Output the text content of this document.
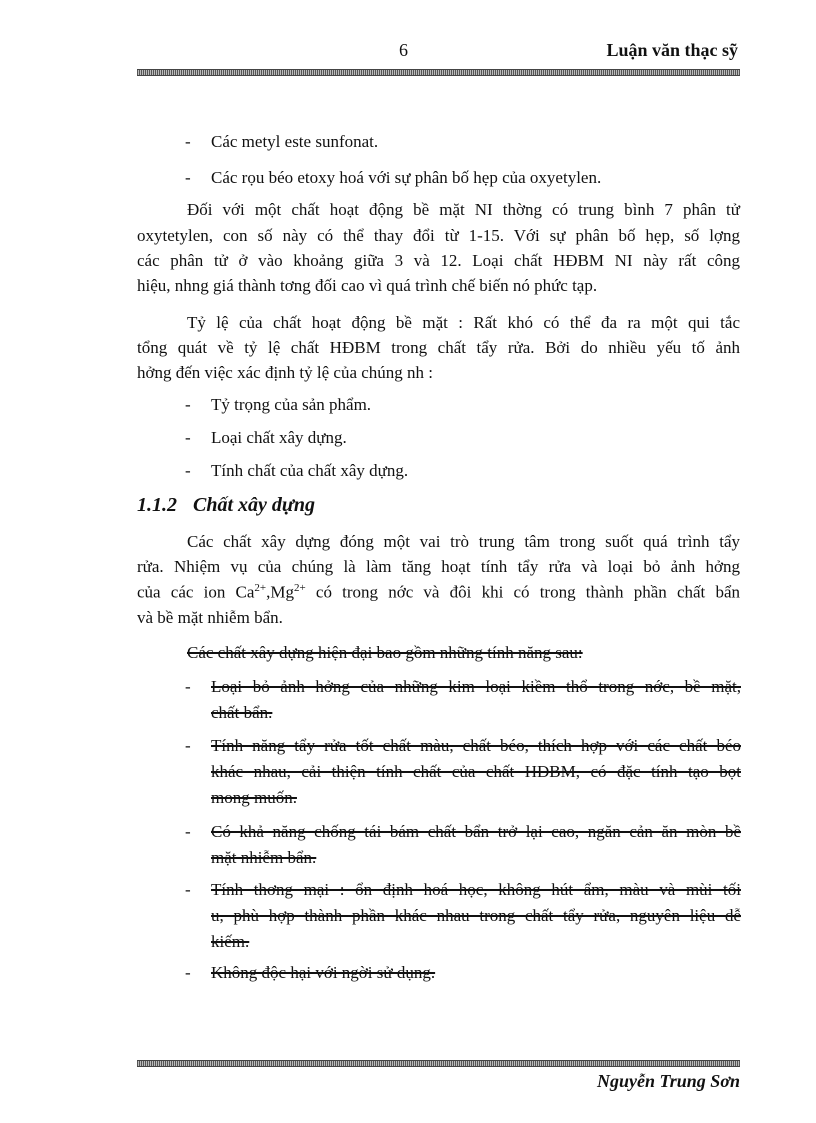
6	Luận văn thạc sỹ
- Các metyl este sunfonat.
- Các rọu béo etoxy hoá với sự phân bố hẹp của oxyetylen.
Đối với một chất hoạt động bề mặt NI thờng có trung bình 7 phân tử
oxytetylen, con số này có thể thay đổi từ 1-15. Với sự phân bố hẹp, số lợng
các phân tử ở vào khoảng giữa 3 và 12. Loại chất HĐBM NI này rất công
hiệu, nhng giá thành tơng đối cao vì quá trình chế biến nó phức tạp.
Tỷ lệ của chất hoạt động bề mặt : Rất khó có thể đa ra một qui tắc
tổng quát về tỷ lệ chất HĐBM trong chất tẩy rửa. Bởi do nhiều yếu tố ảnh
hởng đến việc xác định tỷ lệ của chúng nh :
- Tỷ trọng của sản phẩm.
- Loại chất xây dựng.
- Tính chất của chất xây dựng.
1.1.2 Chất xây dựng
Các chất xây dựng đóng một vai trò trung tâm trong suốt quá trình tẩy
rửa. Nhiệm vụ của chúng là làm tăng hoạt tính tẩy rửa và loại bỏ ảnh hởng
của các ion $Ca^{2+},Mg^{2+}$ có trong nớc và đôi khi có trong thành phần chất bẩn
và bề mặt nhiễm bẩn.
Các chất xây dựng hiện đại bao gồm những tính năng sau:
- Loại bỏ ảnh hởng của những kim loại kiềm thổ trong nớc, bề mặt,
chất bẩn.
- Tính năng tẩy rửa tốt chất màu, chất béo, thích hợp với các chất béo
khác nhau, cải thiện tính chất của chất HĐBM, có đặc tính tạo bọt
mong muốn.
- Có khả năng chống tái bám chất bẩn trở lại cao, ngăn cản ăn mòn bề
mặt nhiễm bẩn.
- Tính thơng mại : ổn định hoá học, không hút ẩm, màu và mùi tối
u, phù hợp thành phần khác nhau trong chất tẩy rửa, nguyên liệu dễ
kiếm.
- Không độc hại với ngời sử dụng.
Nguyễn Trung Sơn
